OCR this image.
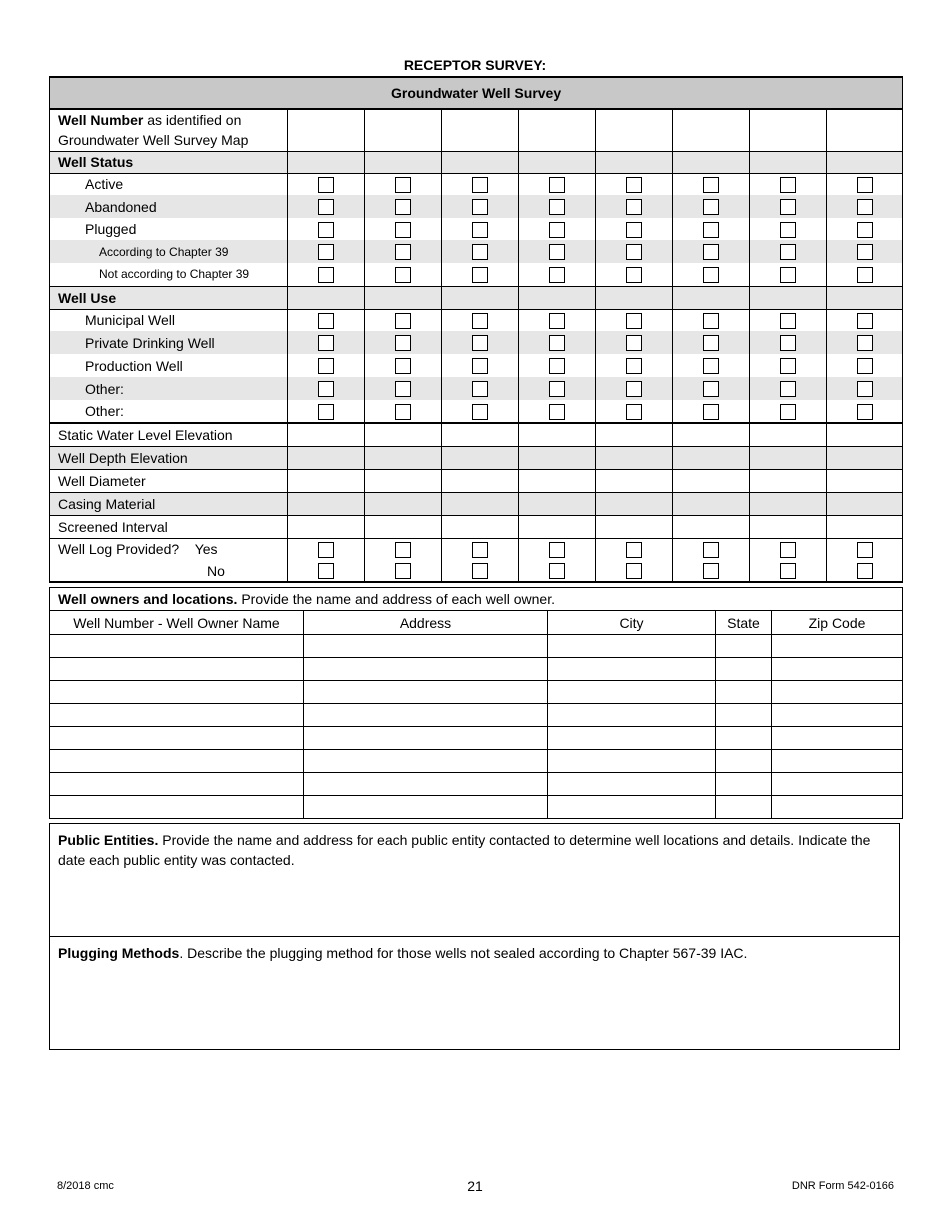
RECEPTOR SURVEY:
Groundwater Well Survey								
Well Number as identified on
Groundwater Well Survey Map								
Well Status								
Active								
Abandoned								
Plugged								
According to Chapter 39								
Not according to Chapter 39								
Well Use								
Municipal Well								
Private Drinking Well								
Production Well								
Other:								
Other:								
Static Water Level Elevation								
Well Depth Elevation								
Well Diameter								
Casing Material								
Screened Interval								
Well Log Provided? Yes								
No								
Well owners and locations. Provide the name and address of each well owner.				
Well Number - Well Owner Name	Address	City	State	Zip Code

Public Entities. Provide the name and address for each public entity contacted to determine well locations and details. Indicate the date each public entity was contacted.
Plugging Methods. Describe the plugging method for those wells not sealed according to Chapter 567-39 IAC.
8/2018 cmc	21	DNR Form 542-0166
